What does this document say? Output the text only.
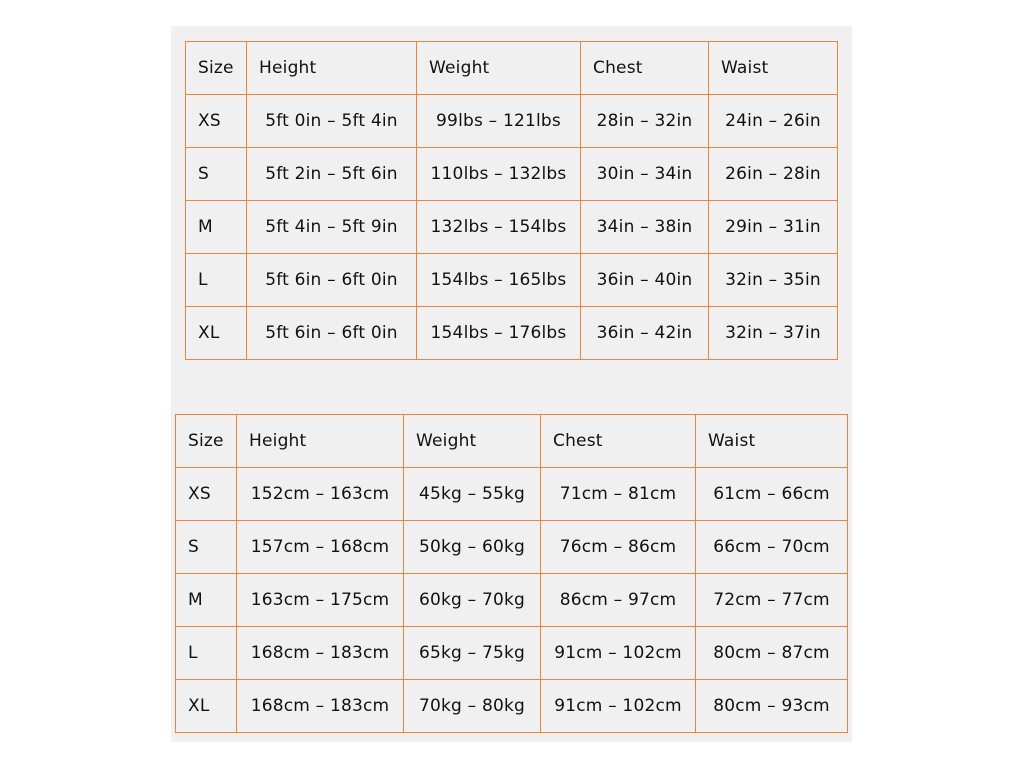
Size	Height	Weight	Chest	Waist
XS	5ft 0in – 5ft 4in	99lbs – 121lbs	28in – 32in	24in – 26in
S	5ft 2in – 5ft 6in	110lbs – 132lbs	30in – 34in	26in – 28in
M	5ft 4in – 5ft 9in	132lbs – 154lbs	34in – 38in	29in – 31in
L	5ft 6in – 6ft 0in	154lbs – 165lbs	36in – 40in	32in – 35in
XL	5ft 6in – 6ft 0in	154lbs – 176lbs	36in – 42in	32in – 37in
Size	Height	Weight	Chest	Waist
XS	152cm – 163cm	45kg – 55kg	71cm – 81cm	61cm – 66cm
S	157cm – 168cm	50kg – 60kg	76cm – 86cm	66cm – 70cm
M	163cm – 175cm	60kg – 70kg	86cm – 97cm	72cm – 77cm
L	168cm – 183cm	65kg – 75kg	91cm – 102cm	80cm – 87cm
XL	168cm – 183cm	70kg – 80kg	91cm – 102cm	80cm – 93cm
